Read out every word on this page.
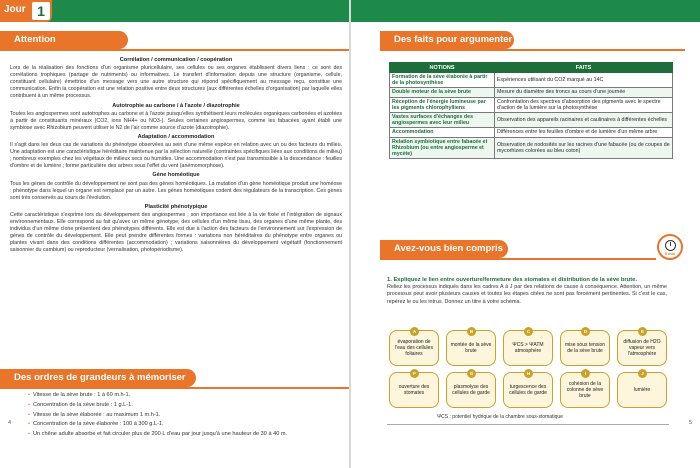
Jour 1
Attention
Corrélation / communication / coopération

Lors de la réalisation des fonctions d'un organisme pluricellulaire, ses cellules ou ses organes établissent divers liens : ce sont des corrélations trophiques (partage de nutriments) ou informatives. Le transfert d'information depuis une structure (organisme, cellule, constituant cellulaire) émettrice d'un message vers une autre structure qui répond spécifiquement au message reçu, constitue une communication. Enfin la coopération est une relation positive entre deux structures (aux différentes échelles d'organisation) par laquelle elles contribuent à un même processus.

Autotrophie au carbone / à l'azote / diazotrophie

Toutes les angiospermes sont autotrophes au carbone et à l'azote puisqu'elles synthétisent leurs molécules organiques carbonées et azotées à partir de constituants minéraux (CO2, ions NH4+ ou NO3-). Seules certaines angiospermes, comme les fabacées ayant établi une symbiose avec Rhizobium peuvent utiliser le N2 de l'air comme source d'azote (diazotrophie).

Adaptation / accommodation

Il s'agit dans les deux cas de variations du phénotype observées au sein d'une même espèce en relation avec un ou des facteurs du milieu. Une adaptation est une caractéristique héréditaire maintenue par la sélection naturelle (contraintes spécifiques liées aux conditions de milieu) ; nombreux exemples chez les végétaux de milieux secs ou humides. Une accommodation n'est pas transmissible à la descendance : feuilles d'ombre et de lumière ; forme particulière des arbres sous l'effet du vent (anémomorphose).

Gène homéotique

Tous les gènes de contrôle du développement ne sont pas des gènes homéotiques. La mutation d'un gène homéotique produit une homéose : phénotype dans lequel un organe est remplacé par un autre. Les gènes homéotiques codent des régulateurs de la transcription. Ces gènes sont très conservés au cours de l'évolution.

Plasticité phénotypique

Cette caractéristique s'exprime lors du développement des angiospermes ; son importance est liée à la vie fixée et l'intégration de signaux environnementaux. Elle correspond au fait qu'avec un même génotype, des cellules d'un même tissu, des organes d'une même plante, des individus d'un même clone présentent des phénotypes différents. Elle est due à l'action des facteurs de l'environnement sur l'expression de gènes de contrôle du développement. Elle peut prendre différentes formes : variations non héréditaires du phénotype entre organes ou plantes vivant dans des conditions différentes (accommodation) ; variations saisonnières du développement végétatif (fonctionnement saisonnier du cambium) ou reproducteur (vernalisation, photopériodisme).

Des ordres de grandeurs à mémoriser
• Vitesse de la sève brute : 1 à 60 m.h-1.
• Concentration de la sève brute : 1 g.L-1.
• Vitesse de la sève élaborée : au maximum 1 m.h-1.
• Concentration de la sève élaborée : 100 à 300 g.L-1.
• Un chêne adulte absorbe et fait circuler plus de 200 L d'eau par jour jusqu'à une hauteur de 30 à 40 m.
4
Des faits pour argumenter
NOTIONS	FAITS
Formation de la sève élaborée à partir de la photosynthèse	Expériences utilisant du CO2 marqué au 14C
Double moteur de la sève brute	Mesure du diamètre des troncs au cours d'une journée
Réception de l'énergie lumineuse par les pigments chlorophylliens	Confrontation des spectres d'absorption des pigments avec le spectre d'action de la lumière sur la photosynthèse
Vastes surfaces d'échanges des angiospermes avec leur milieu	Observation des appareils racinaires et caulinaires à différentes échelles
Accommodation	Différences entre les feuilles d'ombre et de lumière d'un même arbre
Relation symbiotique entre fabacée et Rhizobium (ou entre angiosperme et mycète)	Observation de nodosités sur les racines d'une fabacée (ou de coupes de mycorhizes colorées au bleu coton)
Avez-vous bien compris ?
5 min
1. Expliquez le lien entre ouverture/fermeture des stomates et distribution de la sève brute.
Reliez les processus indiqués dans les cadres A à J par des relations de cause à conséquence. Attention, un même processus peut avoir plusieurs causes et toutes les étapes citées ne sont pas forcément pertinentes. Si c'est le cas, repérez le ou les intrus. Donnez un titre à votre schéma.
A
évaporation de l'eau des cellules foliaires
B
montée de la sève brute
C
ΨCS > ΨATM atmosphère
D
mise sous tension de la sève brute
E
diffusion de H2O vapeur vers l'atmosphère
F
ouverture des stomates
G
plasmolyse des cellules de garde
H
turgescence des cellules de garde
I
cohésion de la colonne de sève brute
J
lumière
ΨCS : potentiel hydrique de la chambre sous-stomatique
5
